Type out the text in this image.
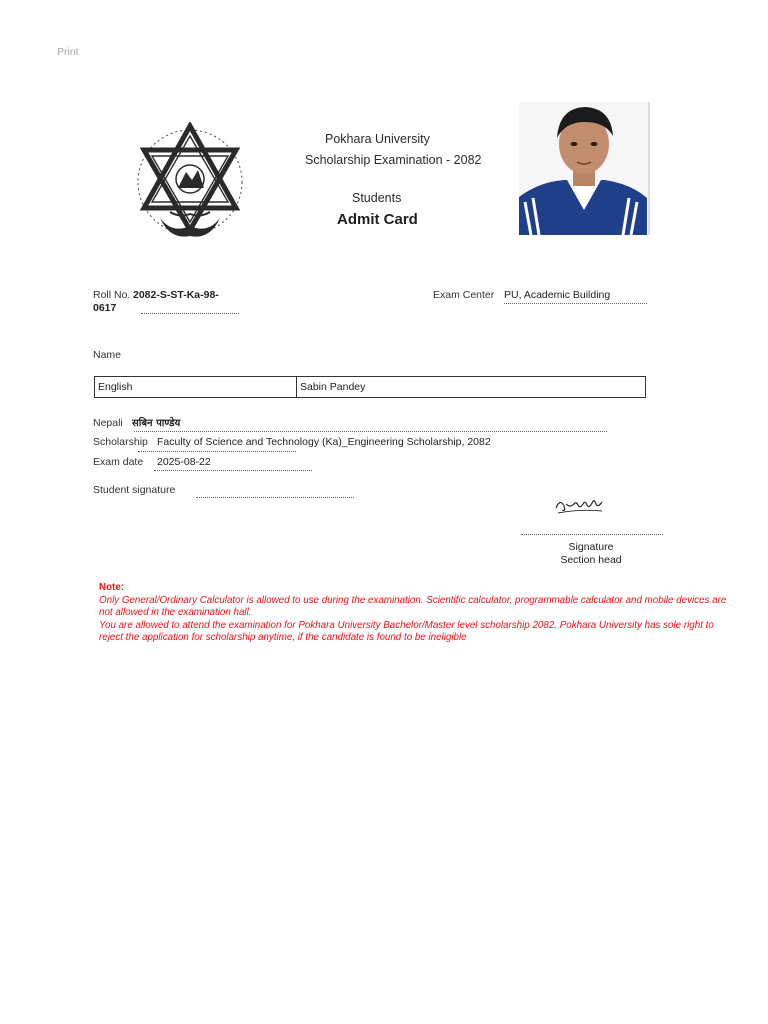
Print
Pokhara University
Scholarship Examination - 2082
Students
Admit Card
Roll No. 2082-S-ST-Ka-98-
0617
Exam Center PU, Academic Building
Name
English	Sabin Pandey
Nepali सबिन पाण्डेय
Scholarship Faculty of Science and Technology (Ka)_Engineering Scholarship, 2082
Exam date 2025-08-22
Student signature
Signature
Section head
Note:

Only General/Ordinary Calculator is allowed to use during the examination. Scientific calculator, programmable calculator and mobile devices are not allowed in the examination hall.

You are allowed to attend the examination for Pokhara University Bachelor/Master level scholarship 2082. Pokhara University has sole right to reject the application for scholarship anytime, if the candidate is found to be ineligible
